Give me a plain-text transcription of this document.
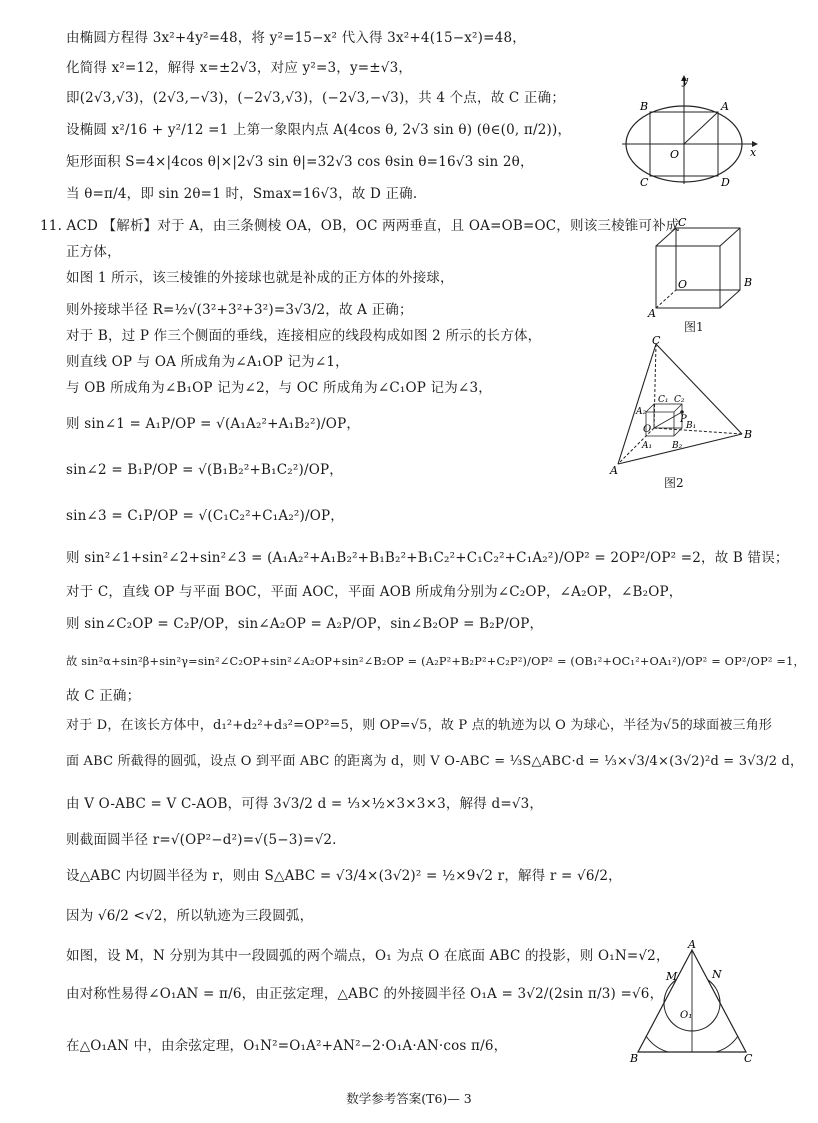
由椭圆方程得 3x²+4y²=48，将 y²=15−x² 代入得 3x²+4(15−x²)=48，
化简得 x²=12，解得 x=±2√3，对应 y²=3，y=±√3，
即(2√3,√3)，(2√3,−√3)，(−2√3,√3)，(−2√3,−√3)，共 4 个点，故 C 正确；
设椭圆 x²/16 + y²/12 =1 上第一象限内点 A(4cos θ, 2√3 sin θ) (θ∈(0, π/2))，
矩形面积 S=4×|4cos θ|×|2√3 sin θ|=32√3 cos θsin θ=16√3 sin 2θ，
当 θ=π/4，即 sin 2θ=1 时，Smax=16√3，故 D 正确.
11. ACD 【解析】对于 A，由三条侧棱 OA，OB，OC 两两垂直，且 OA=OB=OC，则该三棱锥可补成
正方体，
如图 1 所示，该三棱锥的外接球也就是补成的正方体的外接球，
则外接球半径 R=½√(3²+3²+3²)=3√3/2，故 A 正确；
对于 B，过 P 作三个侧面的垂线，连接相应的线段构成如图 2 所示的长方体，
则直线 OP 与 OA 所成角为∠A₁OP 记为∠1，
与 OB 所成角为∠B₁OP 记为∠2，与 OC 所成角为∠C₁OP 记为∠3，
则 sin∠1 = A₁P/OP = √(A₁A₂²+A₁B₂²)/OP，
sin∠2 = B₁P/OP = √(B₁B₂²+B₁C₂²)/OP，
sin∠3 = C₁P/OP = √(C₁C₂²+C₁A₂²)/OP，
则 sin²∠1+sin²∠2+sin²∠3 = (A₁A₂²+A₁B₂²+B₁B₂²+B₁C₂²+C₁C₂²+C₁A₂²)/OP² = 2OP²/OP² =2，故 B 错误；
对于 C，直线 OP 与平面 BOC，平面 AOC，平面 AOB 所成角分别为∠C₂OP，∠A₂OP，∠B₂OP，
则 sin∠C₂OP = C₂P/OP，sin∠A₂OP = A₂P/OP，sin∠B₂OP = B₂P/OP，
故 sin²α+sin²β+sin²γ=sin²∠C₂OP+sin²∠A₂OP+sin²∠B₂OP = (A₂P²+B₂P²+C₂P²)/OP² = (OB₁²+OC₁²+OA₁²)/OP² = OP²/OP² =1，
故 C 正确；
对于 D，在该长方体中，d₁²+d₂²+d₃²=OP²=5，则 OP=√5，故 P 点的轨迹为以 O 为球心，半径为√5的球面被三角形
面 ABC 所截得的圆弧，设点 O 到平面 ABC 的距离为 d，则 V O-ABC = ⅓S△ABC·d = ⅓×√3/4×(3√2)²d = 3√3/2 d，
由 V O-ABC = V C-AOB，可得 3√3/2 d = ⅓×½×3×3×3，解得 d=√3，
则截面圆半径 r=√(OP²−d²)=√(5−3)=√2.
设△ABC 内切圆半径为 r，则由 S△ABC = √3/4×(3√2)² = ½×9√2 r，解得 r = √6/2，
因为 √6/2 <√2，所以轨迹为三段圆弧，
如图，设 M，N 分别为其中一段圆弧的两个端点，O₁ 为点 O 在底面 ABC 的投影，则 O₁N=√2，
由对称性易得∠O₁AN = π/6，由正弦定理，△ABC 的外接圆半径 O₁A = 3√2/(2sin π/3) =√6，
在△O₁AN 中，由余弦定理，O₁N²=O₁A²+AN²−2·O₁A·AN·cos π/6，
y
x
O
A
B
C	D
C
B
A
O
图1
C
B
A
O
P
C₁ C₂
A₂
A₁
B₁
B₂
图2
A
B	C
M	N
O₁
数学参考答案(T6)— 3
